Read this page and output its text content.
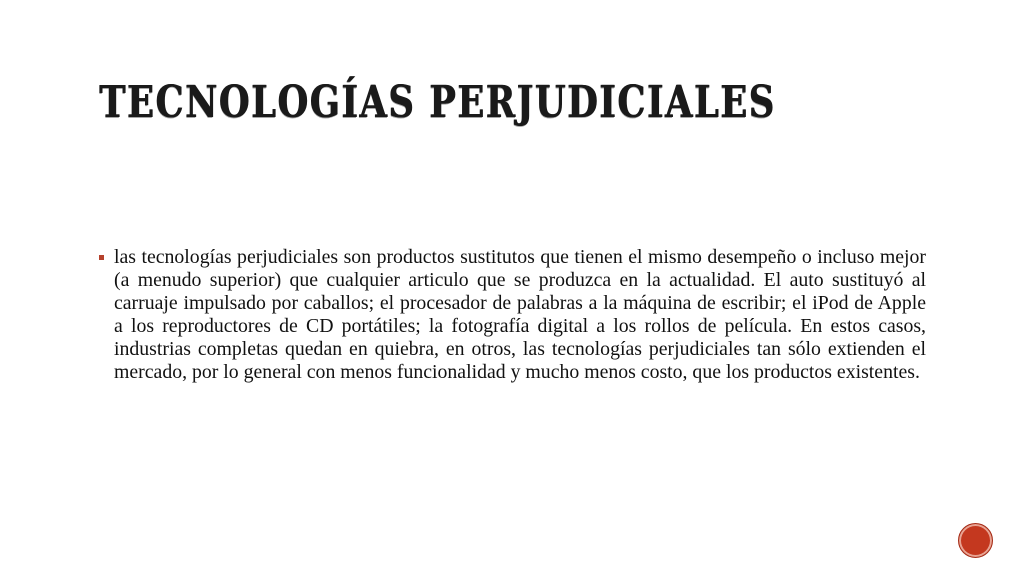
TECNOLOGÍAS PERJUDICIALES

las tecnologías perjudiciales son productos sustitutos que tienen el mismo desempeño o incluso mejor (a menudo superior) que cualquier articulo que se produzca en la actualidad. El auto sustituyó al carruaje impulsado por caballos; el procesador de palabras a la máquina de escribir; el iPod de Apple a los reproductores de CD portátiles; la fotografía digital a los rollos de película. En estos casos, industrias completas quedan en quiebra, en otros, las tecnologías perjudiciales tan sólo extienden el mercado, por lo general con menos funcionalidad y mucho menos costo, que los productos existentes.
